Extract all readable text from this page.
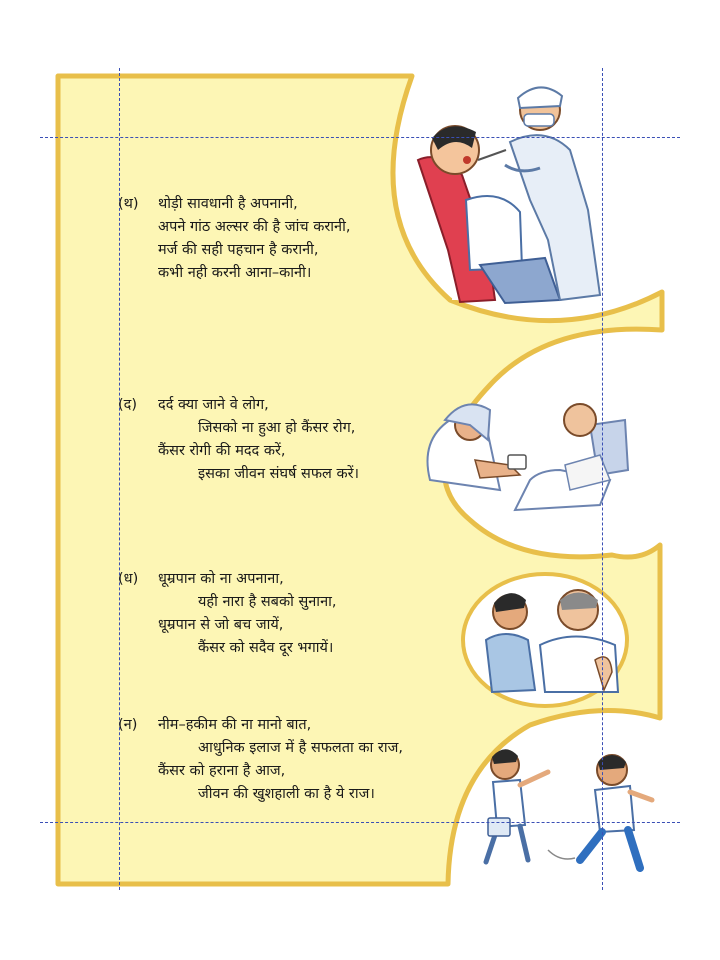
(थ) थोड़ी सावधानी है अपनानी,
अपने गांठ अल्सर की है जांच करानी,
मर्ज की सही पहचान है करानी,
कभी नही करनी आना–कानी।
(द) दर्द क्या जाने वे लोग,
जिसको ना हुआ हो कैंसर रोग,
कैंसर रोगी की मदद करें,
इसका जीवन संघर्ष सफल करें।
(ध) धूम्रपान को ना अपनाना,
यही नारा है सबको सुनाना,
धूम्रपान से जो बच जायें,
कैंसर को सदैव दूर भगायें।
(न) नीम–हकीम की ना मानो बात,
आधुनिक इलाज में है सफलता का राज,
कैंसर को हराना है आज,
जीवन की खुशहाली का है ये राज।
